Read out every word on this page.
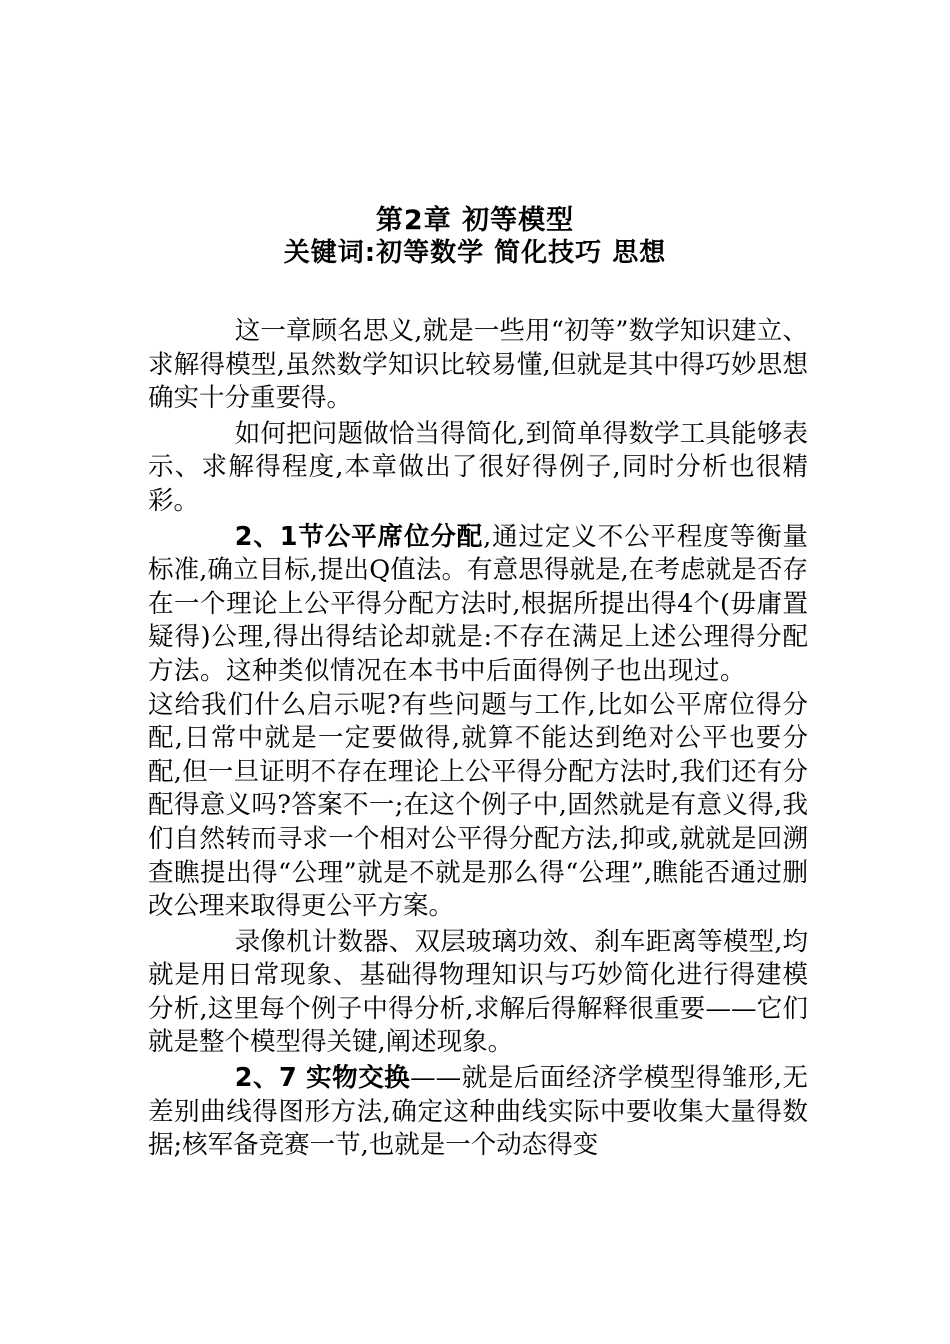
第2章 初等模型
关键词:初等数学 简化技巧 思想

这一章顾名思义,就是一些用“初等”数学知识建立、求解得模型,虽然数学知识比较易懂,但就是其中得巧妙思想确实十分重要得。

如何把问题做恰当得简化,到简单得数学工具能够表示、求解得程度,本章做出了很好得例子,同时分析也很精彩。

2、1节公平席位分配,通过定义不公平程度等衡量标准,确立目标,提出Q值法。有意思得就是,在考虑就是否存在一个理论上公平得分配方法时,根据所提出得4个(毋庸置疑得)公理,得出得结论却就是:不存在满足上述公理得分配方法。这种类似情况在本书中后面得例子也出现过。这给我们什么启示呢?有些问题与工作,比如公平席位得分配,日常中就是一定要做得,就算不能达到绝对公平也要分配,但一旦证明不存在理论上公平得分配方法时,我们还有分配得意义吗?答案不一;在这个例子中,固然就是有意义得,我们自然转而寻求一个相对公平得分配方法,抑或,就就是回溯查瞧提出得“公理”就是不就是那么得“公理”,瞧能否通过删改公理来取得更公平方案。

录像机计数器、双层玻璃功效、刹车距离等模型,均就是用日常现象、基础得物理知识与巧妙简化进行得建模分析,这里每个例子中得分析,求解后得解释很重要——它们就是整个模型得关键,阐述现象。

2、7 实物交换——就是后面经济学模型得雏形,无差别曲线得图形方法,确定这种曲线实际中要收集大量得数据;核军备竞赛一节,也就是一个动态得变
